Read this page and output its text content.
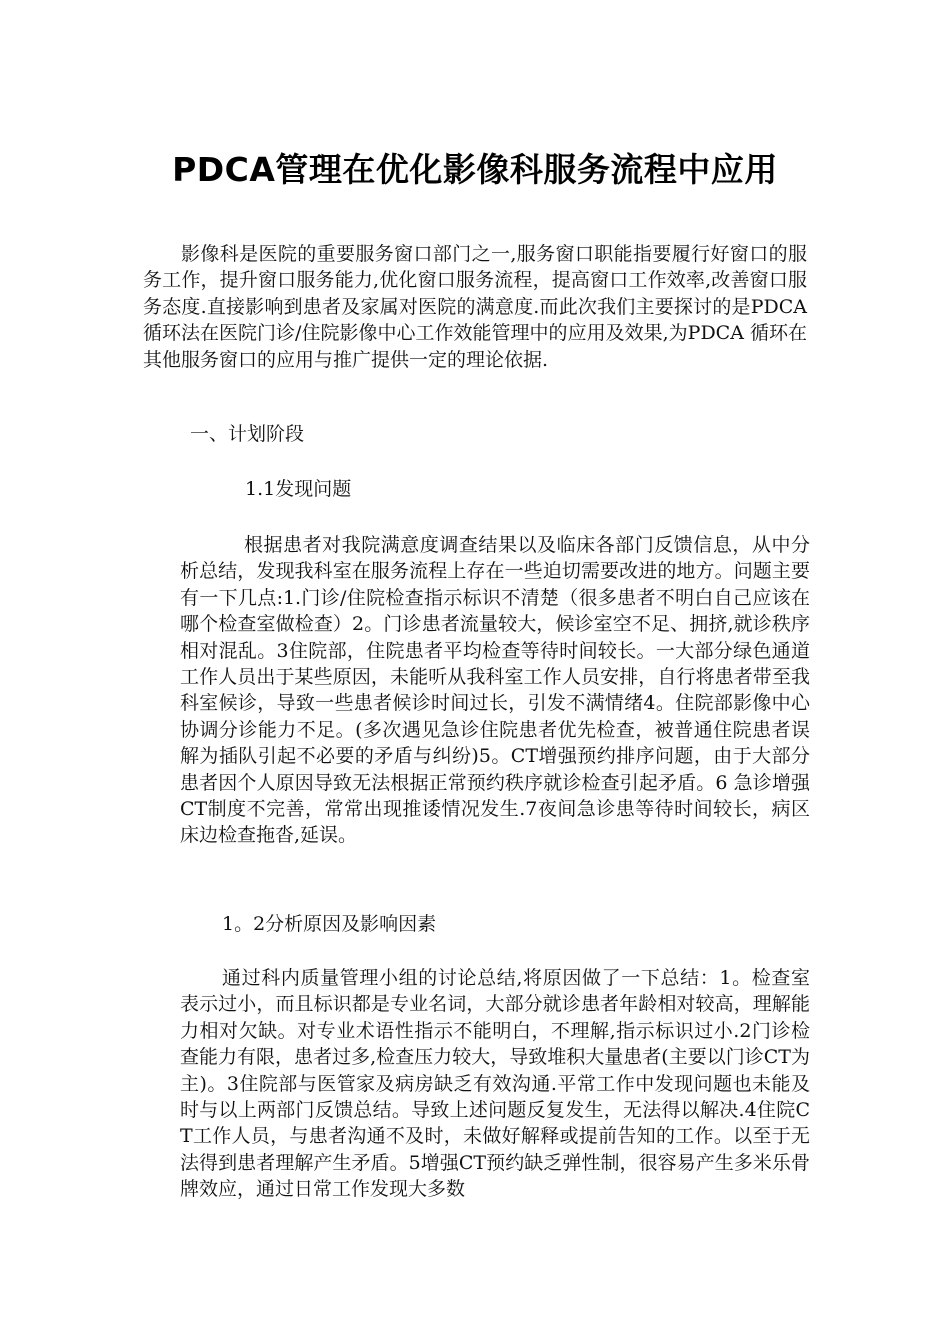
PDCA管理在优化影像科服务流程中应用

影像科是医院的重要服务窗口部门之一,服务窗口职能指要履行好窗口的服务工作，提升窗口服务能力,优化窗口服务流程，提高窗口工作效率,改善窗口服务态度.直接影响到患者及家属对医院的满意度.而此次我们主要探讨的是PDCA循环法在医院门诊/住院影像中心工作效能管理中的应用及效果,为PDCA 循环在其他服务窗口的应用与推广提供一定的理论依据.

一、计划阶段
1.1发现问题

根据患者对我院满意度调查结果以及临床各部门反馈信息，从中分析总结，发现我科室在服务流程上存在一些迫切需要改进的地方。问题主要有一下几点:1.门诊/住院检查指示标识不清楚（很多患者不明白自己应该在哪个检查室做检查）2。门诊患者流量较大，候诊室空不足、拥挤,就诊秩序相对混乱。3住院部，住院患者平均检查等待时间较长。一大部分绿色通道工作人员出于某些原因，未能听从我科室工作人员安排，自行将患者带至我科室候诊，导致一些患者候诊时间过长，引发不满情绪4。住院部影像中心协调分诊能力不足。(多次遇见急诊住院患者优先检查，被普通住院患者误解为插队引起不必要的矛盾与纠纷)5。CT增强预约排序问题，由于大部分患者因个人原因导致无法根据正常预约秩序就诊检查引起矛盾。6 急诊增强CT制度不完善，常常出现推诿情况发生.7夜间急诊患等待时间较长，病区床边检查拖沓,延误。

1。2分析原因及影响因素

通过科内质量管理小组的讨论总结,将原因做了一下总结：1。检查室表示过小，而且标识都是专业名词，大部分就诊患者年龄相对较高，理解能力相对欠缺。对专业术语性指示不能明白，不理解,指示标识过小.2门诊检查能力有限，患者过多,检查压力较大，导致堆积大量患者(主要以门诊CT为主)。3住院部与医管家及病房缺乏有效沟通.平常工作中发现问题也未能及时与以上两部门反馈总结。导致上述问题反复发生，无法得以解决.4住院CT工作人员，与患者沟通不及时，未做好解释或提前告知的工作。以至于无法得到患者理解产生矛盾。5增强CT预约缺乏弹性制，很容易产生多米乐骨牌效应，通过日常工作发现大多数
